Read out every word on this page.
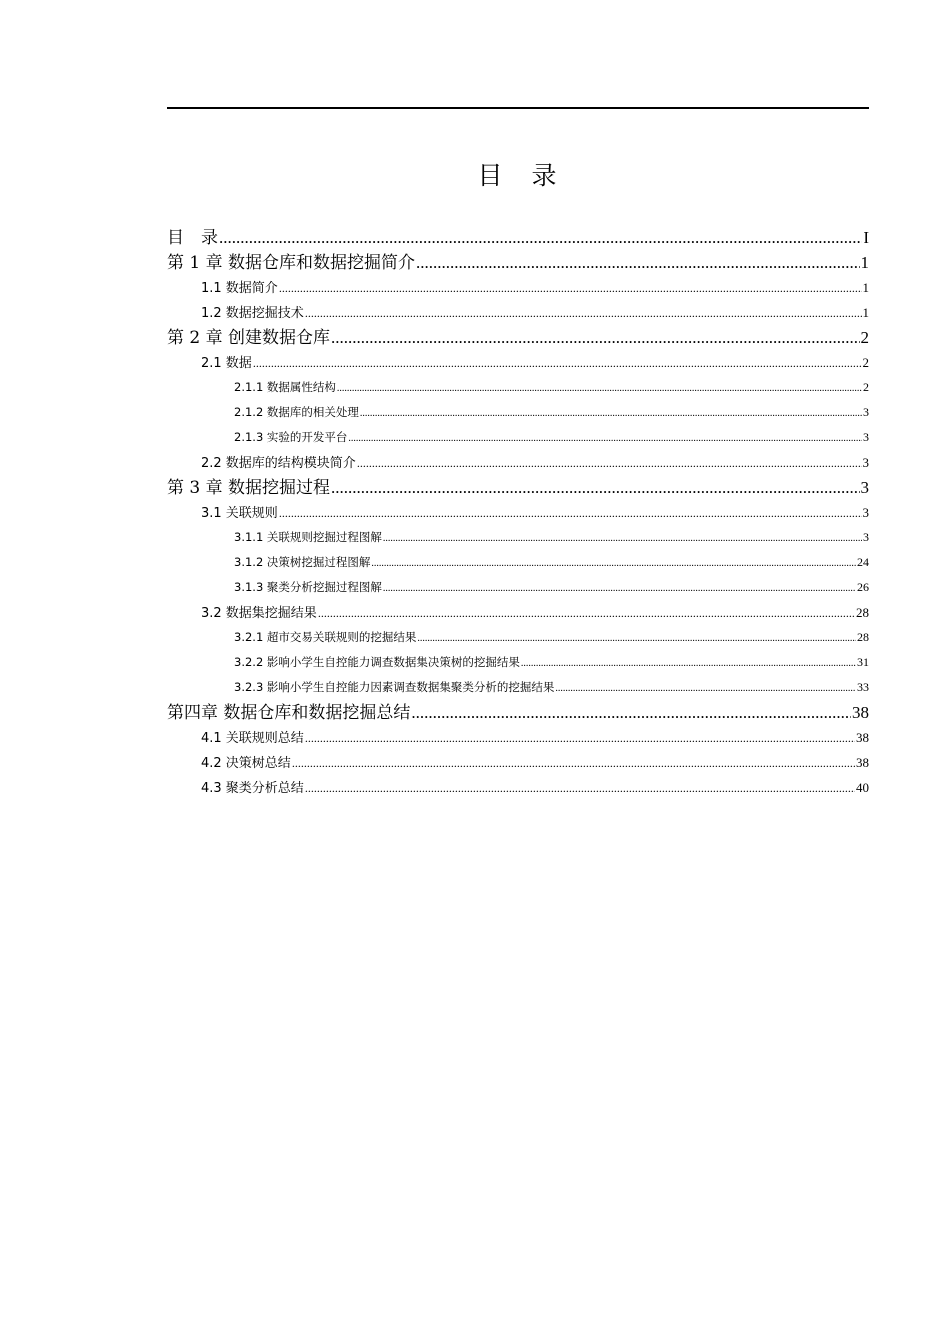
目　录
目　录 .....	I
第 1 章 数据仓库和数据挖掘简介 .....	1
1.1 数据简介 .....	1
1.2 数据挖掘技术 .....	1
第 2 章 创建数据仓库 .....	2
2.1 数据 .....	2
2.1.1 数据属性结构 .....	2
2.1.2 数据库的相关处理 .....	3
2.1.3 实验的开发平台 .....	3
2.2 数据库的结构模块简介 .....	3
第 3 章 数据挖掘过程 .....	3
3.1 关联规则 .....	3
3.1.1 关联规则挖掘过程图解 .....	3
3.1.2 决策树挖掘过程图解 .....	24
3.1.3 聚类分析挖掘过程图解 .....	26
3.2 数据集挖掘结果 .....	28
3.2.1 超市交易关联规则的挖掘结果 .....	28
3.2.2 影响小学生自控能力调查数据集决策树的挖掘结果 .....	31
3.2.3 影响小学生自控能力因素调查数据集聚类分析的挖掘结果 .....	33
第四章 数据仓库和数据挖掘总结 .....	38
4.1 关联规则总结 .....	38
4.2 决策树总结 .....	38
4.3 聚类分析总结 .....	40
